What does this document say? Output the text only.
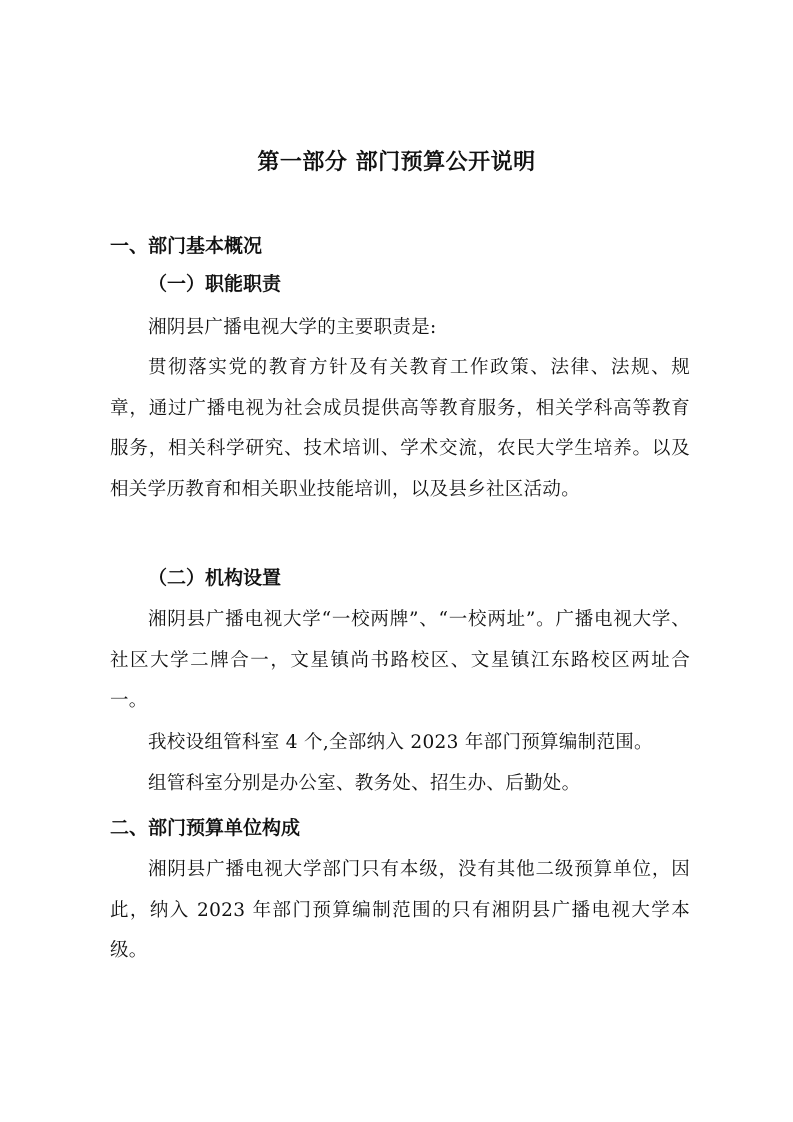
第一部分 部门预算公开说明
一、部门基本概况
（一）职能职责
湘阴县广播电视大学的主要职责是:
贯彻落实党的教育方针及有关教育工作政策、法律、法规、规章，通过广播电视为社会成员提供高等教育服务，相关学科高等教育服务，相关科学研究、技术培训、学术交流，农民大学生培养。以及相关学历教育和相关职业技能培训，以及县乡社区活动。
（二）机构设置
湘阴县广播电视大学“一校两牌”、“一校两址”。广播电视大学、社区大学二牌合一，文星镇尚书路校区、文星镇江东路校区两址合一。
我校设组管科室 4 个,全部纳入 2023 年部门预算编制范围。
组管科室分别是办公室、教务处、招生办、后勤处。
二、部门预算单位构成
湘阴县广播电视大学部门只有本级，没有其他二级预算单位，因此，纳入 2023 年部门预算编制范围的只有湘阴县广播电视大学本级。
